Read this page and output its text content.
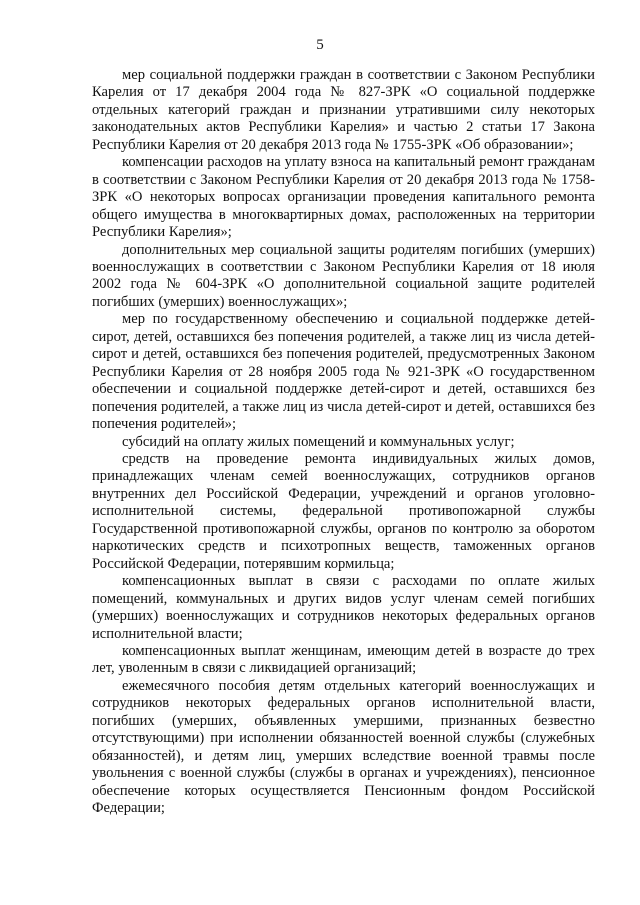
5

мер социальной поддержки граждан в соответствии с Законом Республики Карелия от 17 декабря 2004 года № 827-ЗРК «О социальной поддержке отдельных категорий граждан и признании утратившими силу некоторых законодательных актов Республики Карелия» и частью 2 статьи 17 Закона Республики Карелия от 20 декабря 2013 года № 1755-ЗРК «Об образовании»;

компенсации расходов на уплату взноса на капитальный ремонт гражданам в соответствии с Законом Республики Карелия от 20 декабря 2013 года № 1758-ЗРК «О некоторых вопросах организации проведения капитального ремонта общего имущества в многоквартирных домах, расположенных на территории Республики Карелия»;

дополнительных мер социальной защиты родителям погибших (умерших) военнослужащих в соответствии с Законом Республики Карелия от 18 июля 2002 года № 604-ЗРК «О дополнительной социальной защите родителей погибших (умерших) военнослужащих»;

мер по государственному обеспечению и социальной поддержке детей-сирот, детей, оставшихся без попечения родителей, а также лиц из числа детей-сирот и детей, оставшихся без попечения родителей, предусмотренных Законом Республики Карелия от 28 ноября 2005 года № 921-ЗРК «О государственном обеспечении и социальной поддержке детей-сирот и детей, оставшихся без попечения родителей, а также лиц из числа детей-сирот и детей, оставшихся без попечения родителей»;

субсидий на оплату жилых помещений и коммунальных услуг;

средств на проведение ремонта индивидуальных жилых домов, принадлежащих членам семей военнослужащих, сотрудников органов внутренних дел Российской Федерации, учреждений и органов уголовно-исполнительной системы, федеральной противопожарной службы Государственной противопожарной службы, органов по контролю за оборотом наркотических средств и психотропных веществ, таможенных органов Российской Федерации, потерявшим кормильца;

компенсационных выплат в связи с расходами по оплате жилых помещений, коммунальных и других видов услуг членам семей погибших (умерших) военнослужащих и сотрудников некоторых федеральных органов исполнительной власти;

компенсационных выплат женщинам, имеющим детей в возрасте до трех лет, уволенным в связи с ликвидацией организаций;

ежемесячного пособия детям отдельных категорий военнослужащих и сотрудников некоторых федеральных органов исполнительной власти, погибших (умерших, объявленных умершими, признанных безвестно отсутствующими) при исполнении обязанностей военной службы (служебных обязанностей), и детям лиц, умерших вследствие военной травмы после увольнения с военной службы (службы в органах и учреждениях), пенсионное обеспечение которых осуществляется Пенсионным фондом Российской Федерации;
